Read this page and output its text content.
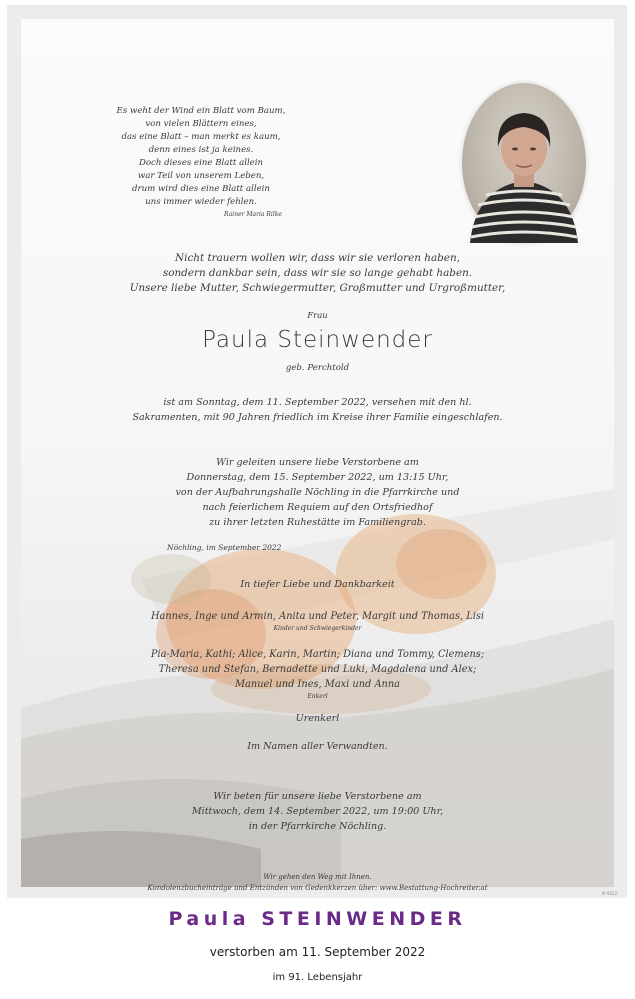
Es weht der Wind ein Blatt vom Baum,
von vielen Blättern eines,
das eine Blatt – man merkt es kaum,
denn eines ist ja keines.
Doch dieses eine Blatt allein
war Teil von unserem Leben,
drum wird dies eine Blatt allein
uns immer wieder fehlen.
Rainer Maria Rilke
Nicht trauern wollen wir, dass wir sie verloren haben,
sondern dankbar sein, dass wir sie so lange gehabt haben.
Unsere liebe Mutter, Schwiegermutter, Großmutter und Urgroßmutter,
Frau
Paula Steinwender
geb. Perchtold
ist am Sonntag, dem 11. September 2022, versehen mit den hl.
Sakramenten, mit 90 Jahren friedlich im Kreise ihrer Familie eingeschlafen.
Wir geleiten unsere liebe Verstorbene am
Donnerstag, dem 15. September 2022, um 13:15 Uhr,
von der Aufbahrungshalle Nöchling in die Pfarrkirche und
nach feierlichem Requiem auf den Ortsfriedhof
zu ihrer letzten Ruhestätte im Familiengrab.
Nöchling, im September 2022
In tiefer Liebe und Dankbarkeit
Hannes, Inge und Armin, Anita und Peter, Margit und Thomas, Lisi
Kinder und Schwiegerkinder
Pia-Maria, Kathi; Alice, Karin, Martin; Diana und Tommy, Clemens;
Theresa und Stefan, Bernadette und Luki, Magdalena und Alex;
Manuel und Ines, Maxi und Anna
Enkerl
Urenkerl
Im Namen aller Verwandten.
Wir beten für unsere liebe Verstorbene am
Mittwoch, dem 14. September 2022, um 19:00 Uhr,
in der Pfarrkirche Nöchling.
Wir gehen den Weg mit Ihnen.
Kondolenzbucheinträge und Entzünden von Gedenkkerzen über: www.Bestattung-Hochreiter.at
IP 9222
Paula STEINWENDER
verstorben am 11. September 2022
im 91. Lebensjahr
